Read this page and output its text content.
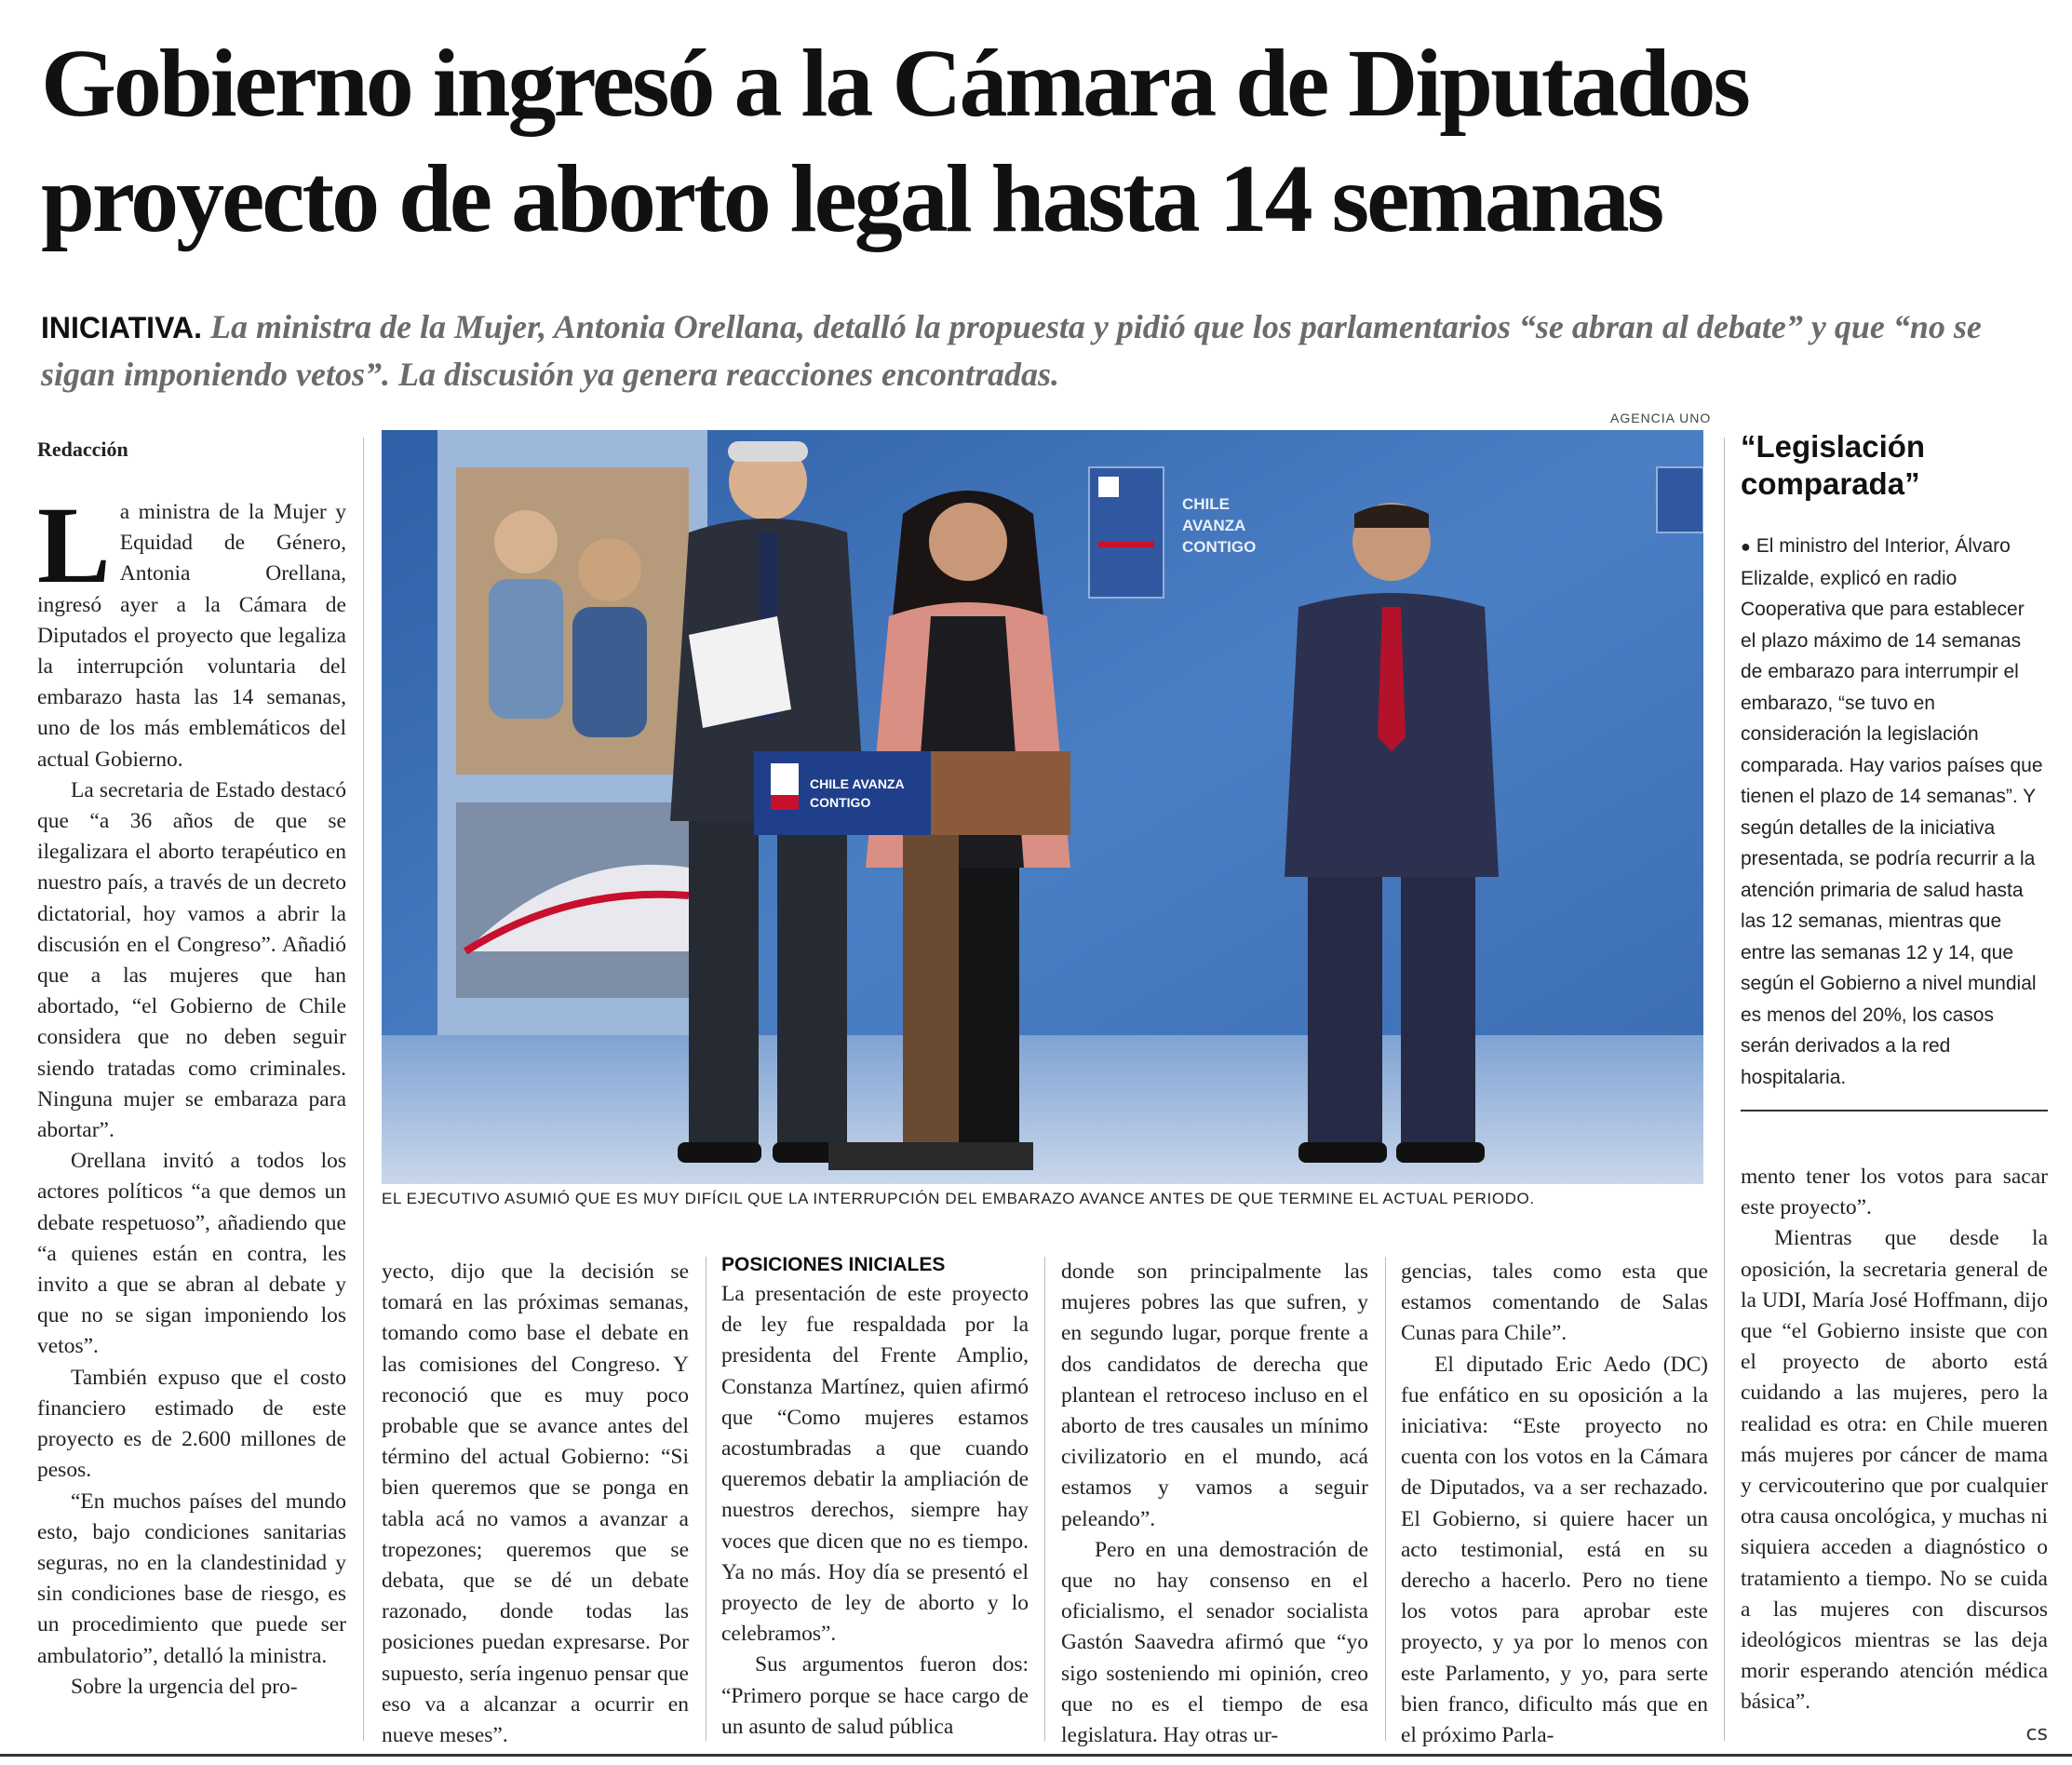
Gobierno ingresó a la Cámara de Diputados
proyecto de aborto legal hasta 14 semanas
INICIATIVA. La ministra de la Mujer, Antonia Orellana, detalló la propuesta y pidió que los parlamentarios “se abran al debate” y que “no se sigan imponiendo vetos”. La discusión ya genera reacciones encontradas.
Redacción

La ministra de la Mujer y Equidad de Género, Antonia Orellana, ingresó ayer a la Cámara de Diputados el proyecto que legaliza la interrupción voluntaria del embarazo hasta las 14 semanas, uno de los más emblemáticos del actual Gobierno.

La secretaria de Estado destacó que “a 36 años de que se ilegalizara el aborto terapéutico en nuestro país, a través de un decreto dictatorial, hoy vamos a abrir la discusión en el Congreso”. Añadió que a las mujeres que han abortado, “el Gobierno de Chile considera que no deben seguir siendo tratadas como criminales. Ninguna mujer se embaraza para abortar”.

Orellana invitó a todos los actores políticos “a que demos un debate respetuoso”, añadiendo que “a quienes están en contra, les invito a que se abran al debate y que no se sigan imponiendo los vetos”.

También expuso que el costo financiero estimado de este proyecto es de 2.600 millones de pesos.

“En muchos países del mundo esto, bajo condiciones sanitarias seguras, no en la clandestinidad y sin condiciones base de riesgo, es un procedimiento que puede ser ambulatorio”, detalló la ministra.

Sobre la urgencia del pro-

AGENCIA UNO
CHILE
AVANZA
CONTIGO
CHILE AVANZA
CONTIGO
EL EJECUTIVO ASUMIÓ QUE ES MUY DIFÍCIL QUE LA INTERRUPCIÓN DEL EMBARAZO AVANCE ANTES DE QUE TERMINE EL ACTUAL PERIODO.
“Legislación comparada”
● El ministro del Interior, Álvaro Elizalde, explicó en radio Cooperativa que para establecer el plazo máximo de 14 semanas de embarazo para interrumpir el embarazo, “se tuvo en consideración la legislación comparada. Hay varios países que tienen el plazo de 14 semanas”. Y según detalles de la iniciativa presentada, se podría recurrir a la atención primaria de salud hasta las 12 semanas, mientras que entre las semanas 12 y 14, que según el Gobierno a nivel mundial es menos del 20%, los casos serán derivados a la red hospitalaria.

yecto, dijo que la decisión se tomará en las próximas semanas, tomando como base el debate en las comisiones del Congreso. Y reconoció que es muy poco probable que se avance antes del término del actual Gobierno: “Si bien queremos que se ponga en tabla acá no vamos a avanzar a tropezones; queremos que se debata, que se dé un debate razonado, donde todas las posiciones puedan expresarse. Por supuesto, sería ingenuo pensar que eso va a alcanzar a ocurrir en nueve meses”.

POSICIONES INICIALES

La presentación de este proyecto de ley fue respaldada por la presidenta del Frente Amplio, Constanza Martínez, quien afirmó que “Como mujeres estamos acostumbradas a que cuando queremos debatir la ampliación de nuestros derechos, siempre hay voces que dicen que no es tiempo. Ya no más. Hoy día se presentó el proyecto de ley de aborto y lo celebramos”.

Sus argumentos fueron dos: “Primero porque se hace cargo de un asunto de salud pública

donde son principalmente las mujeres pobres las que sufren, y en segundo lugar, porque frente a dos candidatos de derecha que plantean el retroceso incluso en el aborto de tres causales un mínimo civilizatorio en el mundo, acá estamos y vamos a seguir peleando”.

Pero en una demostración de que no hay consenso en el oficialismo, el senador socialista Gastón Saavedra afirmó que “yo sigo sosteniendo mi opinión, creo que no es el tiempo de esa legislatura. Hay otras ur-

gencias, tales como esta que estamos comentando de Salas Cunas para Chile”.

El diputado Eric Aedo (DC) fue enfático en su oposición a la iniciativa: “Este proyecto no cuenta con los votos en la Cámara de Diputados, va a ser rechazado. El Gobierno, si quiere hacer un acto testimonial, está en su derecho a hacerlo. Pero no tiene los votos para aprobar este proyecto, y ya por lo menos con este Parlamento, y yo, para serte bien franco, dificulto más que en el próximo Parla-

mento tener los votos para sacar este proyecto”.

Mientras que desde la oposición, la secretaria general de la UDI, María José Hoffmann, dijo que “el Gobierno insiste que con el proyecto de aborto está cuidando a las mujeres, pero la realidad es otra: en Chile mueren más mujeres por cáncer de mama y cervicouterino que por cualquier otra causa oncológica, y muchas ni siquiera acceden a diagnóstico o tratamiento a tiempo. No se cuida a las mujeres con discursos ideológicos mientras se las deja morir esperando atención médica básica”.

cs
